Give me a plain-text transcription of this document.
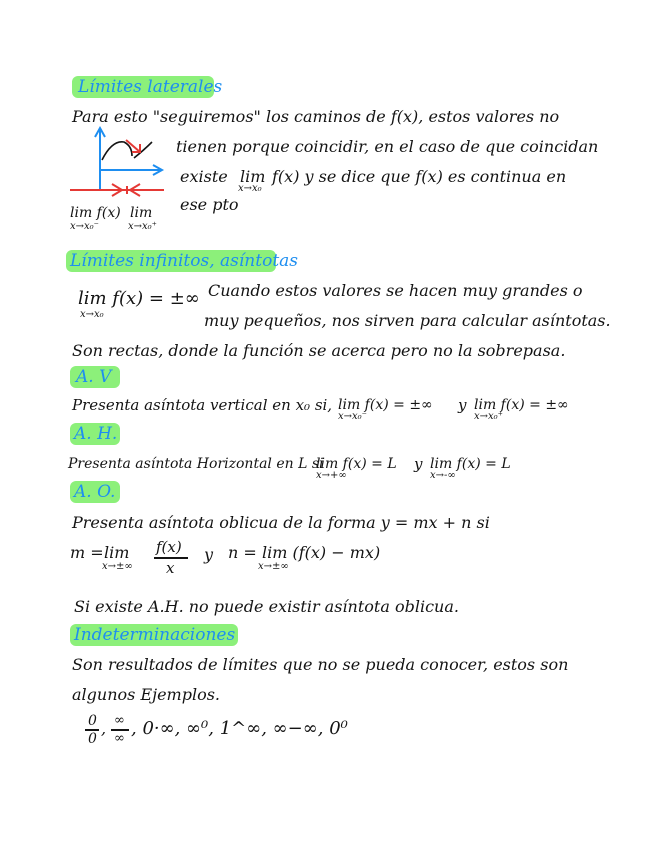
Límites laterales
Para esto "seguiremos" los caminos de f(x), estos valores no
tienen porque coincidir, en el caso de que coincidan
existe lim
x→x₀
f(x) y se dice que f(x) es continua en
ese pto
lim f(x)
x→x₀⁻
lim
x→x₀⁺
Límites infinitos, asíntotas
lim f(x) = ±∞
x→x₀
Cuando estos valores se hacen muy grandes o
muy pequeños, nos sirven para calcular asíntotas.
Son rectas, donde la función se acerca pero no la sobrepasa.
A. V
Presenta asíntota vertical en x₀ si, lim f(x) = ±∞
x→x₀⁻
y lim f(x) = ±∞
x→x₀⁺
A. H.
Presenta asíntota Horizontal en L si
lim f(x) = L
x→+∞
y lim f(x) = L
x→-∞
A. O.
Presenta asíntota oblicua de la forma y = mx + n si
m = lim
x→±∞
f(x)
x
y n = lim (f(x) − mx)
x→±∞
Si existe A.H. no puede existir asíntota oblicua.
Indeterminaciones
Son resultados de límites que no se pueda conocer, estos son
algunos Ejemplos.
0
0
, ∞
∞ , 0·∞, ∞⁰, 1^∞, ∞−∞, 0⁰
